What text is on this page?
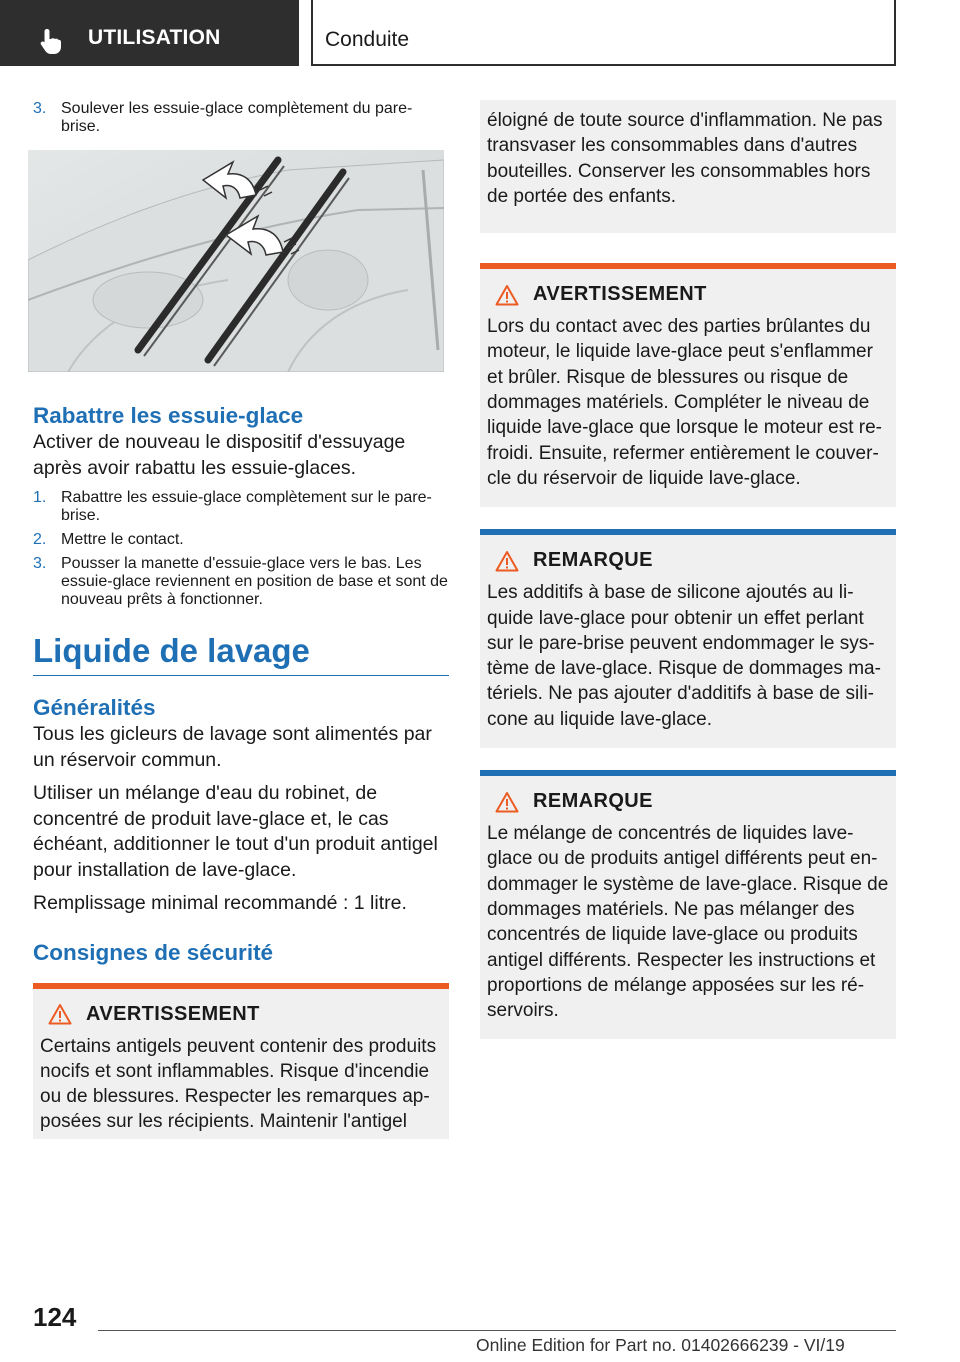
UTILISATION	Conduite
3. Soulever les essuie-glace complètement du pare-brise.
Rabattre les essuie-glace

Activer de nouveau le dispositif d'essuyage après avoir rabattu les essuie-glaces.

1. Rabattre les essuie-glace complètement sur le pare-brise.
2. Mettre le contact.
3. Pousser la manette d'essuie-glace vers le bas. Les essuie-glace reviennent en position de base et sont de nouveau prêts à fonctionner.
Liquide de lavage
Généralités

Tous les gicleurs de lavage sont alimentés par un réservoir commun.

Utiliser un mélange d'eau du robinet, de concentré de produit lave-glace et, le cas échéant, additionner le tout d'un produit antigel pour installation de lave-glace.

Remplissage minimal recommandé : 1 litre.

Consignes de sécurité
AVERTISSEMENT

Certains antigels peuvent contenir des produits nocifs et sont inflammables. Risque d'incendie ou de blessures. Respecter les remarques apposées sur les récipients. Maintenir l'antigel

éloigné de toute source d'inflammation. Ne pas transvaser les consommables dans d'autres bouteilles. Conserver les consommables hors de portée des enfants.

AVERTISSEMENT

Lors du contact avec des parties brûlantes du moteur, le liquide lave-glace peut s'enflammer et brûler. Risque de blessures ou risque de dommages matériels. Compléter le niveau de liquide lave-glace que lorsque le moteur est refroidi. Ensuite, refermer entièrement le couvercle du réservoir de liquide lave-glace.

REMARQUE

Les additifs à base de silicone ajoutés au liquide lave-glace pour obtenir un effet perlant sur le pare-brise peuvent endommager le système de lave-glace. Risque de dommages matériels. Ne pas ajouter d'additifs à base de silicone au liquide lave-glace.

REMARQUE

Le mélange de concentrés de liquides lave-glace ou de produits antigel différents peut endommager le système de lave-glace. Risque de dommages matériels. Ne pas mélanger des concentrés de liquide lave-glace ou produits antigel différents. Respecter les instructions et proportions de mélange apposées sur les réservoirs.

124
Online Edition for Part no. 01402666239 - VI/19
